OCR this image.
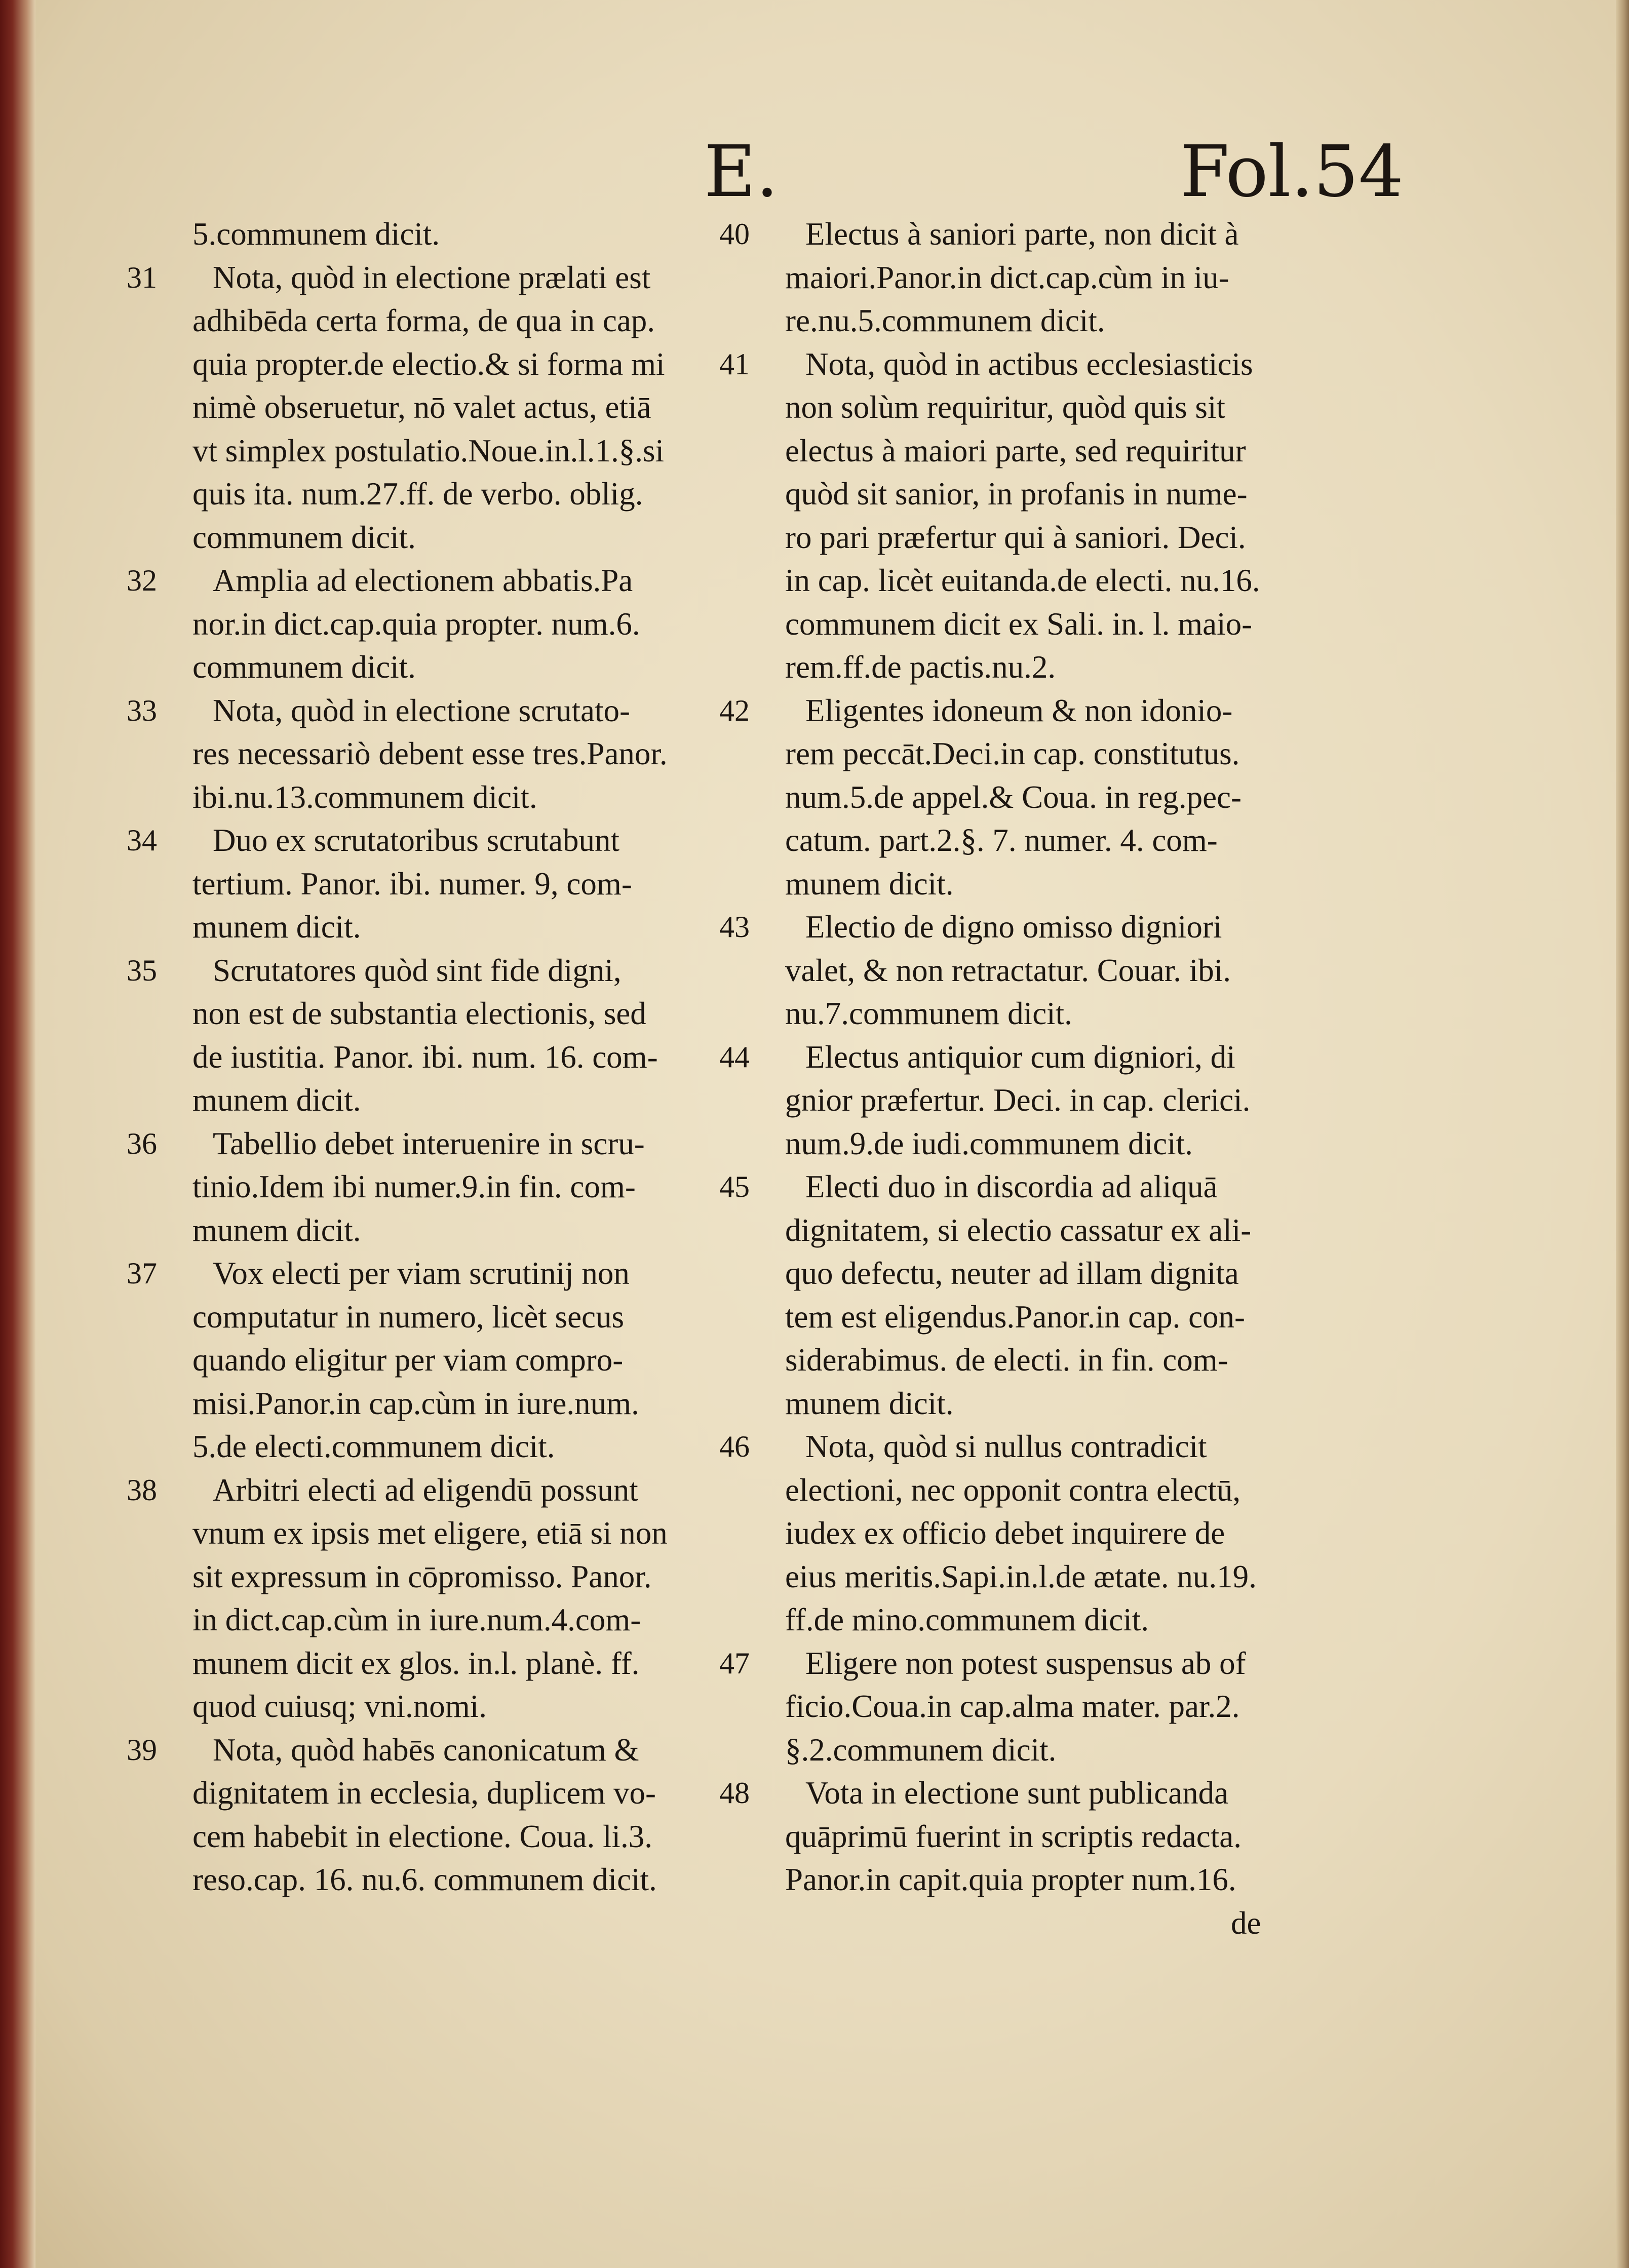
E.	Fol.54
5.communem dicit.
31	Nota, quòd in electione prælati est
adhibēda certa forma, de qua in cap.
quia propter.de electio.& si forma mi
nimè obseruetur, nō valet actus, etiā
vt simplex postulatio.Noue.in.l.1.§.si
quis ita. num.27.ff. de verbo. oblig.
communem dicit.
32	Amplia ad electionem abbatis.Pa
nor.in dict.cap.quia propter. num.6.
communem dicit.
33	Nota, quòd in electione scrutato-
res necessariò debent esse tres.Panor.
ibi.nu.13.communem dicit.
34	Duo ex scrutatoribus scrutabunt
tertium. Panor. ibi. numer. 9, com-
munem dicit.
35	Scrutatores quòd sint fide digni,
non est de substantia electionis, sed
de iustitia. Panor. ibi. num. 16. com-
munem dicit.
36	Tabellio debet interuenire in scru-
tinio.Idem ibi numer.9.in fin. com-
munem dicit.
37	Vox electi per viam scrutinij non
computatur in numero, licèt secus
quando eligitur per viam compro-
misi.Panor.in cap.cùm in iure.num.
5.de electi.communem dicit.
38	Arbitri electi ad eligendū possunt
vnum ex ipsis met eligere, etiā si non
sit expressum in cōpromisso. Panor.
in dict.cap.cùm in iure.num.4.com-
munem dicit ex glos. in.l. planè. ff.
quod cuiusq; vni.nomi.
39	Nota, quòd habēs canonicatum &
dignitatem in ecclesia, duplicem vo-
cem habebit in electione. Coua. li.3.
reso.cap. 16. nu.6. communem dicit.
40	Electus à saniori parte, non dicit à
maiori.Panor.in dict.cap.cùm in iu-
re.nu.5.communem dicit.
41	Nota, quòd in actibus ecclesiasticis
non solùm requiritur, quòd quis sit
electus à maiori parte, sed requiritur
quòd sit sanior, in profanis in nume-
ro pari præfertur qui à saniori. Deci.
in cap. licèt euitanda.de electi. nu.16.
communem dicit ex Sali. in. l. maio-
rem.ff.de pactis.nu.2.
42	Eligentes idoneum & non idonio-
rem peccāt.Deci.in cap. constitutus.
num.5.de appel.& Coua. in reg.pec-
catum. part.2.§. 7. numer. 4. com-
munem dicit.
43	Electio de digno omisso digniori
valet, & non retractatur. Couar. ibi.
nu.7.communem dicit.
44	Electus antiquior cum digniori, di
gnior præfertur. Deci. in cap. clerici.
num.9.de iudi.communem dicit.
45	Electi duo in discordia ad aliquā
dignitatem, si electio cassatur ex ali-
quo defectu, neuter ad illam dignita
tem est eligendus.Panor.in cap. con-
siderabimus. de electi. in fin. com-
munem dicit.
46	Nota, quòd si nullus contradicit
electioni, nec opponit contra electū,
iudex ex officio debet inquirere de
eius meritis.Sapi.in.l.de ætate. nu.19.
ff.de mino.communem dicit.
47	Eligere non potest suspensus ab of
ficio.Coua.in cap.alma mater. par.2.
§.2.communem dicit.
48	Vota in electione sunt publicanda
quāprimū fuerint in scriptis redacta.
Panor.in capit.quia propter num.16.
de
